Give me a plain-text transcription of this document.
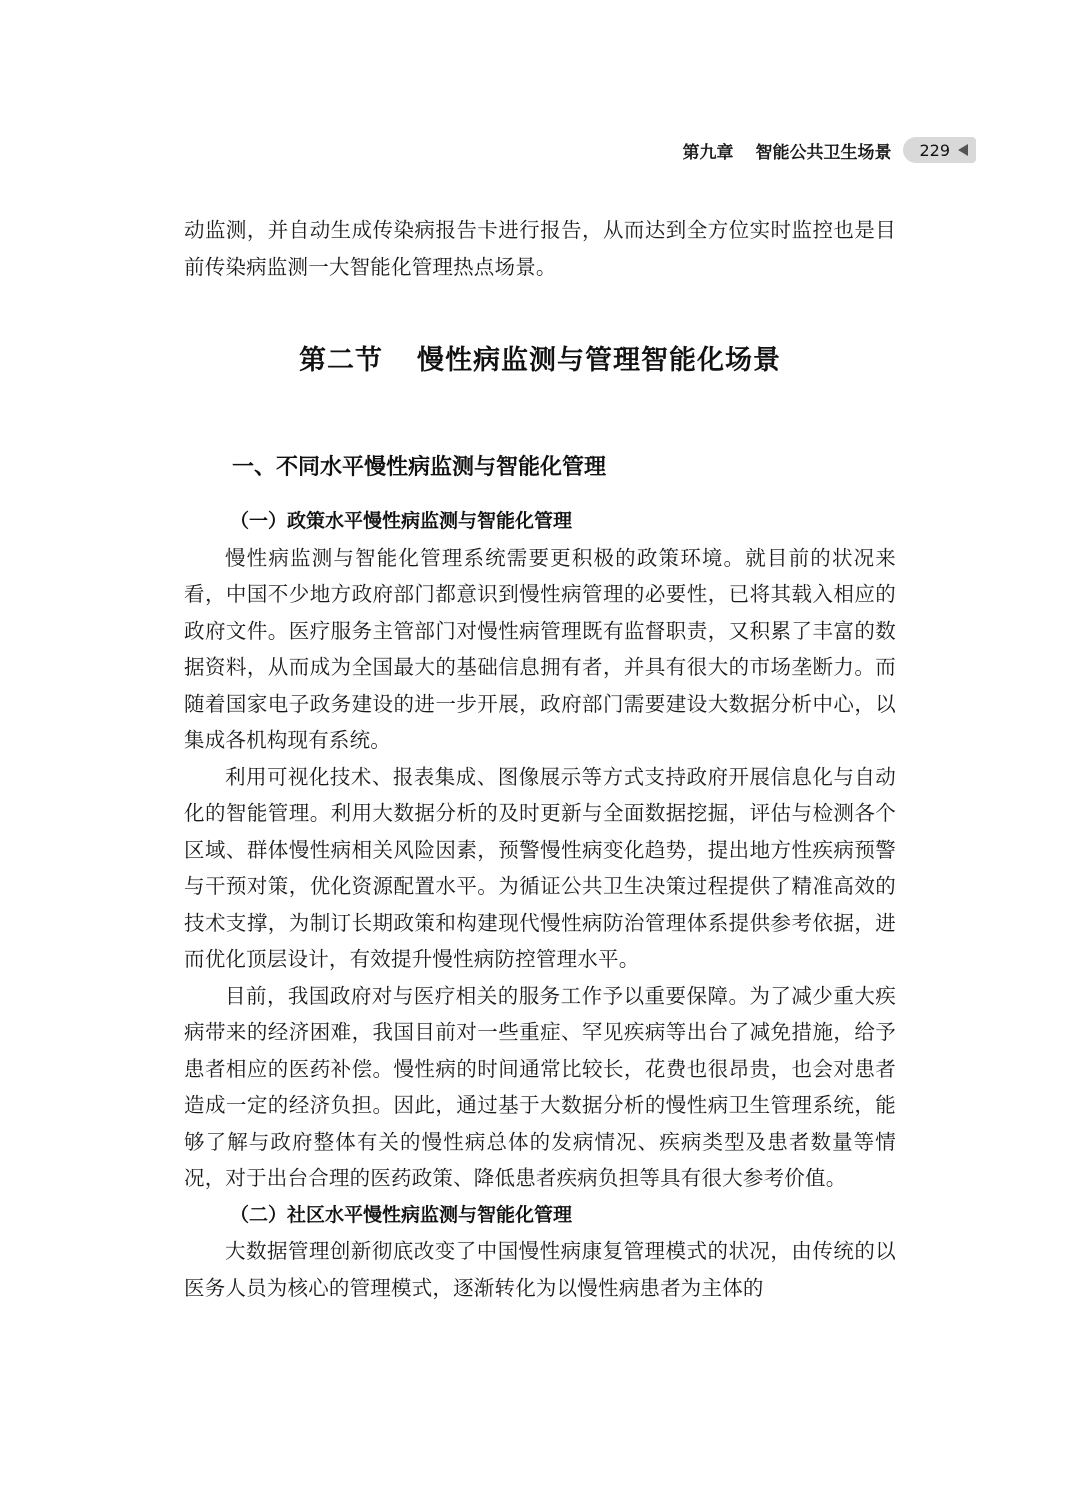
第九章 智能公共卫生场景 229

动监测，并自动生成传染病报告卡进行报告，从而达到全方位实时监控也是目前传染病监测一大智能化管理热点场景。

第二节 慢性病监测与管理智能化场景
一、不同水平慢性病监测与智能化管理

（一）政策水平慢性病监测与智能化管理

慢性病监测与智能化管理系统需要更积极的政策环境。就目前的状况来看，中国不少地方政府部门都意识到慢性病管理的必要性，已将其载入相应的政府文件。医疗服务主管部门对慢性病管理既有监督职责，又积累了丰富的数据资料，从而成为全国最大的基础信息拥有者，并具有很大的市场垄断力。而随着国家电子政务建设的进一步开展，政府部门需要建设大数据分析中心，以集成各机构现有系统。

利用可视化技术、报表集成、图像展示等方式支持政府开展信息化与自动化的智能管理。利用大数据分析的及时更新与全面数据挖掘，评估与检测各个区域、群体慢性病相关风险因素，预警慢性病变化趋势，提出地方性疾病预警与干预对策，优化资源配置水平。为循证公共卫生决策过程提供了精准高效的技术支撑，为制订长期政策和构建现代慢性病防治管理体系提供参考依据，进而优化顶层设计，有效提升慢性病防控管理水平。

目前，我国政府对与医疗相关的服务工作予以重要保障。为了减少重大疾病带来的经济困难，我国目前对一些重症、罕见疾病等出台了减免措施，给予患者相应的医药补偿。慢性病的时间通常比较长，花费也很昂贵，也会对患者造成一定的经济负担。因此，通过基于大数据分析的慢性病卫生管理系统，能够了解与政府整体有关的慢性病总体的发病情况、疾病类型及患者数量等情况，对于出台合理的医药政策、降低患者疾病负担等具有很大参考价值。

（二）社区水平慢性病监测与智能化管理

大数据管理创新彻底改变了中国慢性病康复管理模式的状况，由传统的以医务人员为核心的管理模式，逐渐转化为以慢性病患者为主体的
